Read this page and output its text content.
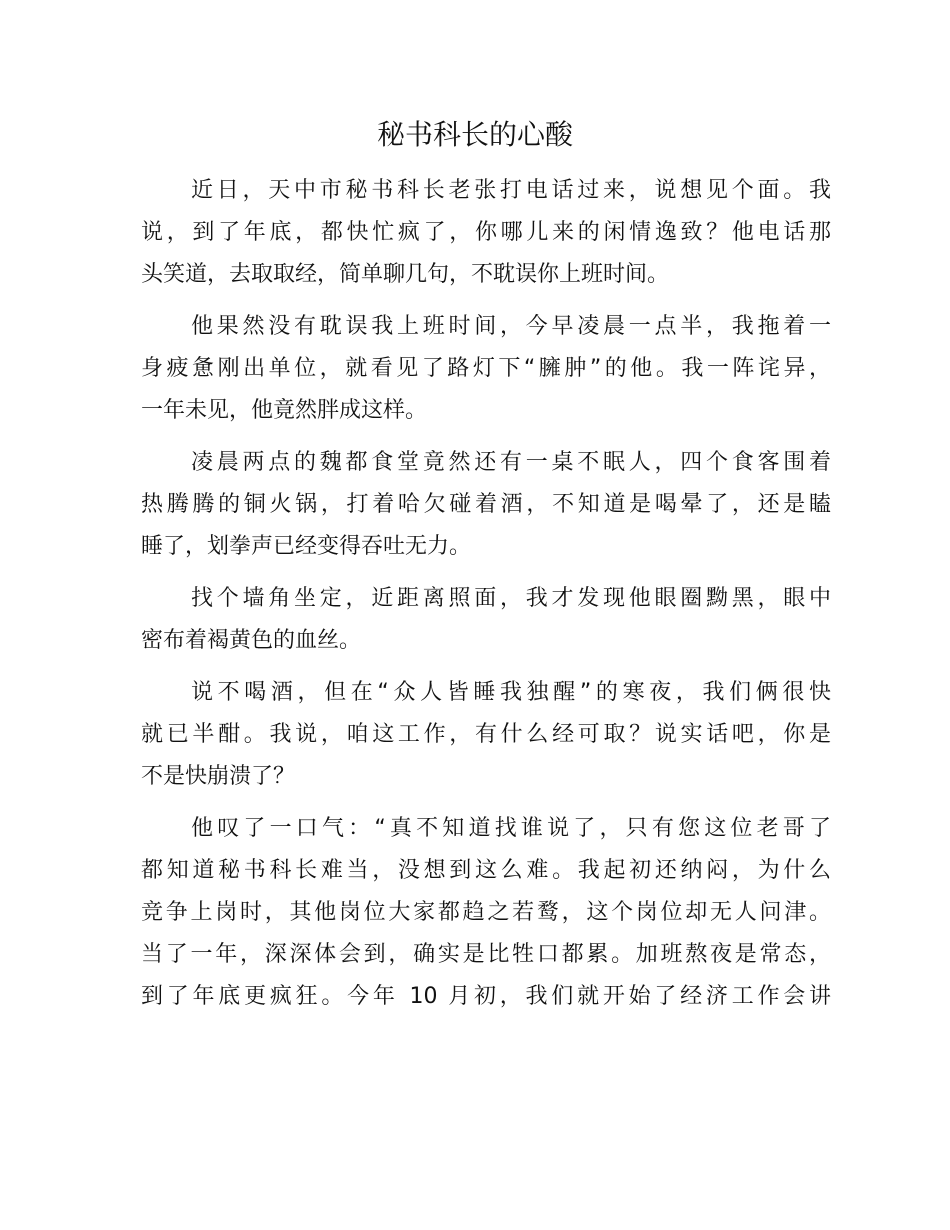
秘书科长的心酸
近日，天中市秘书科长老张打电话过来，说想见个面。我
说，到了年底，都快忙疯了，你哪儿来的闲情逸致？他电话那
头笑道，去取取经，简单聊几句，不耽误你上班时间。
他果然没有耽误我上班时间，今早凌晨一点半，我拖着一
身疲惫刚出单位，就看见了路灯下“臃肿”的他。我一阵诧异，
一年未见，他竟然胖成这样。
凌晨两点的魏都食堂竟然还有一桌不眠人，四个食客围着
热腾腾的铜火锅，打着哈欠碰着酒，不知道是喝晕了，还是瞌
睡了，划拳声已经变得吞吐无力。
找个墙角坐定，近距离照面，我才发现他眼圈黝黑，眼中
密布着褐黄色的血丝。
说不喝酒，但在“众人皆睡我独醒”的寒夜，我们俩很快
就已半酣。我说，咱这工作，有什么经可取？说实话吧，你是
不是快崩溃了？
他叹了一口气：“真不知道找谁说了，只有您这位老哥了
都知道秘书科长难当，没想到这么难。我起初还纳闷，为什么
竞争上岗时，其他岗位大家都趋之若鹜，这个岗位却无人问津。
当了一年，深深体会到，确实是比牲口都累。加班熬夜是常态，
到了年底更疯狂。今年 10 月初，我们就开始了经济工作会讲
